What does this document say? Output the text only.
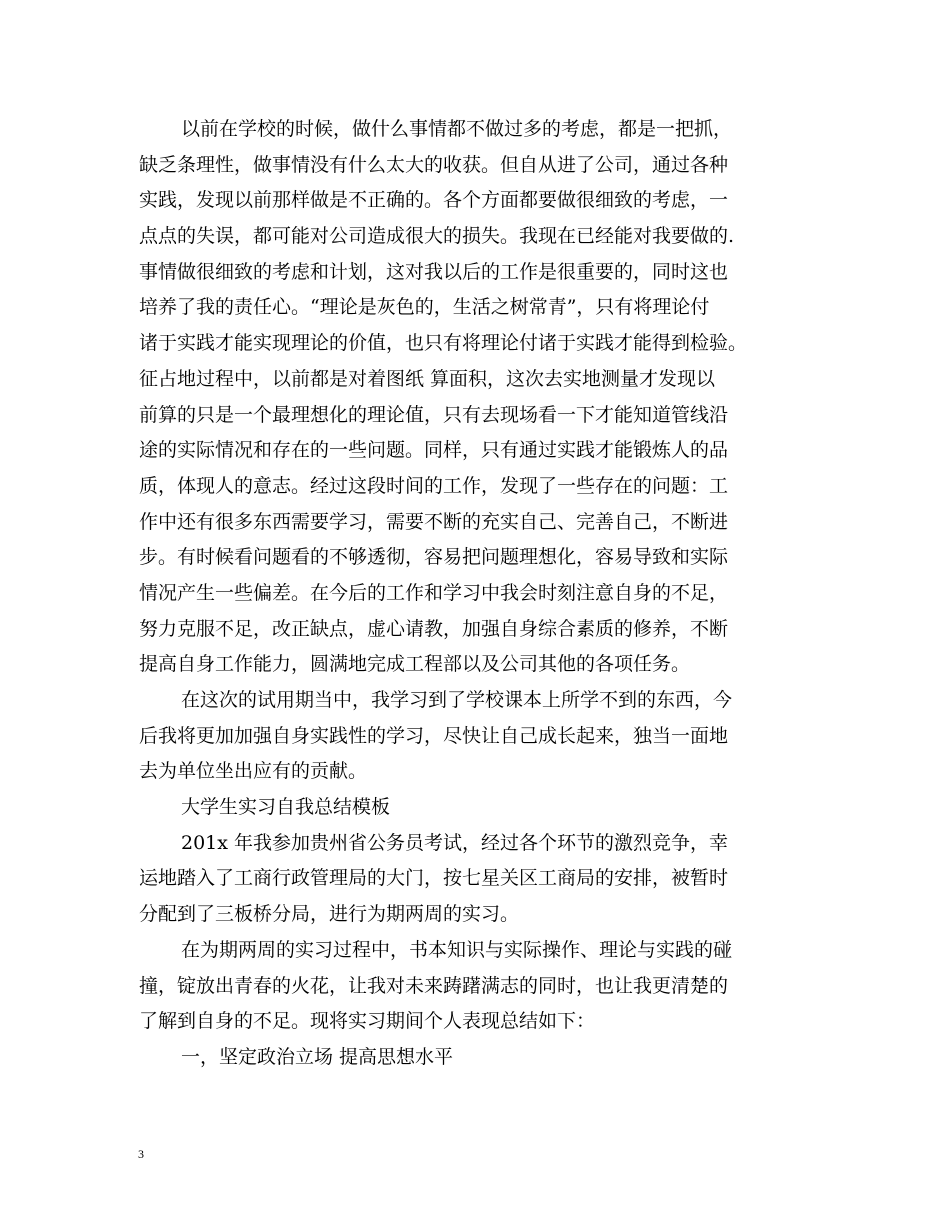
以前在学校的时候，做什么事情都不做过多的考虑，都是一把抓，
缺乏条理性，做事情没有什么太大的收获。但自从进了公司，通过各种
实践，发现以前那样做是不正确的。各个方面都要做很细致的考虑，一
点点的失误，都可能对公司造成很大的损失。我现在已经能对我要做的.
事情做很细致的考虑和计划，这对我以后的工作是很重要的，同时这也
培养了我的责任心。“理论是灰色的，生活之树常青”，只有将理论付
诸于实践才能实现理论的价值，也只有将理论付诸于实践才能得到检验。
征占地过程中，以前都是对着图纸 算面积，这次去实地测量才发现以
前算的只是一个最理想化的理论值，只有去现场看一下才能知道管线沿
途的实际情况和存在的一些问题。同样，只有通过实践才能锻炼人的品
质，体现人的意志。经过这段时间的工作，发现了一些存在的问题：工
作中还有很多东西需要学习，需要不断的充实自己、完善自己，不断进
步。有时候看问题看的不够透彻，容易把问题理想化，容易导致和实际
情况产生一些偏差。在今后的工作和学习中我会时刻注意自身的不足，
努力克服不足，改正缺点，虚心请教，加强自身综合素质的修养，不断
提高自身工作能力，圆满地完成工程部以及公司其他的各项任务。
在这次的试用期当中，我学习到了学校课本上所学不到的东西，今
后我将更加加强自身实践性的学习，尽快让自己成长起来，独当一面地
去为单位坐出应有的贡献。
大学生实习自我总结模板
201x 年我参加贵州省公务员考试，经过各个环节的激烈竞争，幸
运地踏入了工商行政管理局的大门，按七星关区工商局的安排，被暂时
分配到了三板桥分局，进行为期两周的实习。
在为期两周的实习过程中，书本知识与实际操作、理论与实践的碰
撞，锭放出青春的火花，让我对未来踌躇满志的同时，也让我更清楚的
了解到自身的不足。现将实习期间个人表现总结如下：
一，坚定政治立场 提高思想水平
3
